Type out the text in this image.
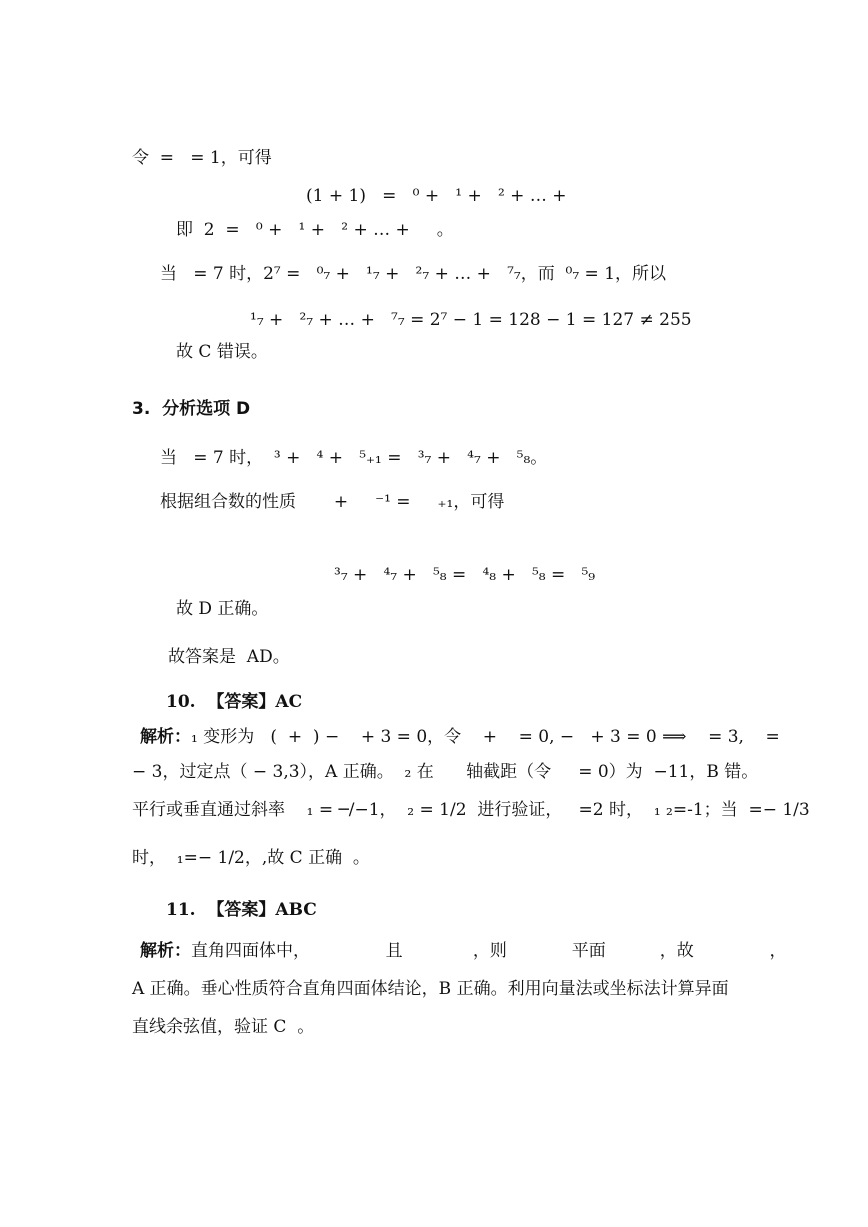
令  =   = 1，可得
(1 + 1)   =   ⁰ +   ¹ +   ² + … +
即  2  =   ⁰ +   ¹ +   ² + … +     。
当   = 7 时，2⁷ =   ⁰₇ +   ¹₇ +   ²₇ + … +   ⁷₇，而  ⁰₇ = 1，所以
¹₇ +   ²₇ + … +   ⁷₇ = 2⁷ − 1 = 128 − 1 = 127 ≠ 255
故 C 错误。
3.  分析选项 D
当   = 7 时，  ³ +   ⁴ +   ⁵₊₁ =   ³₇ +   ⁴₇ +   ⁵₈。
根据组合数的性质       +     ⁻¹ =     ₊₁，可得
³₇ +   ⁴₇ +   ⁵₈ =   ⁴₈ +   ⁵₈ =   ⁵₉
故 D 正确。
故答案是  AD。
10.  【答案】AC
解析：₁ 变形为   (  +  ) −    + 3 = 0，令    +    = 0, −   + 3 = 0 ⟹    = 3,    =
− 3，过定点（ − 3,3），A 正确。  ₂ 在      轴截距（令     = 0）为  −11，B 错。
平行或垂直通过斜率    ₁ = ─/−1，  ₂ = 1/2  进行验证，   =2 时，  ₁ ₂=-1；当  =− 1/3
时，  ₁=− 1/2，,故 C 正确  。
11.  【答案】ABC
解析：直角四面体中，              且             ，则            平面          ，故              ，
A 正确。垂心性质符合直角四面体结论，B 正确。利用向量法或坐标法计算异面
直线余弦值，验证 C  。
